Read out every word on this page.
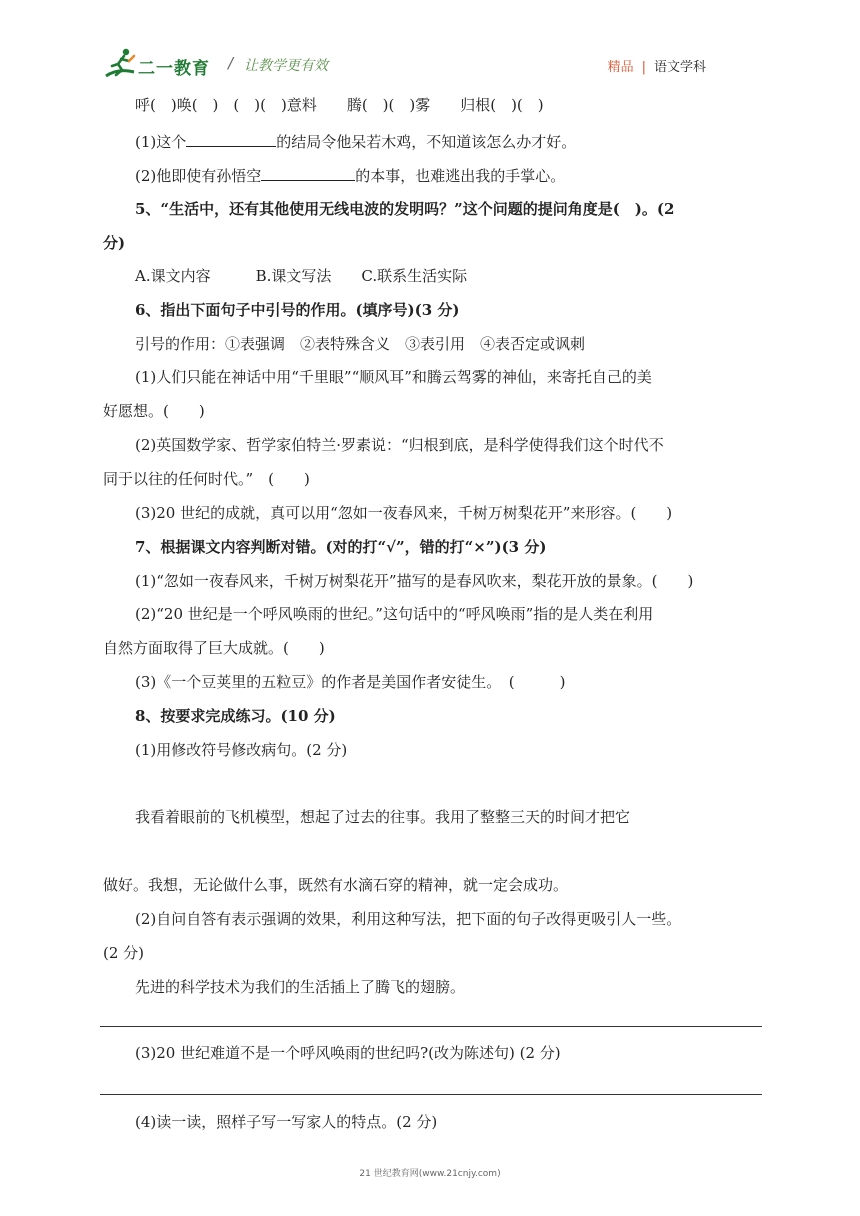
二一教育 / 让教学更有效	精品 | 语文学科
呼(　)唤(　)　(　)(　)意料　　腾(　)(　)雾　　归根(　)(　)
(1)这个	的结局令他呆若木鸡，不知道该怎么办才好。
(2)他即使有孙悟空	的本事，也难逃出我的手掌心。
5、“生活中，还有其他使用无线电波的发明吗？”这个问题的提问角度是(　)。(2
分)
A.课文内容　　　B.课文写法　　C.联系生活实际
6、指出下面句子中引号的作用。(填序号)(3 分)
引号的作用：①表强调　②表特殊含义　③表引用　④表否定或讽刺
(1)人们只能在神话中用“千里眼”“顺风耳”和腾云驾雾的神仙，来寄托自己的美
好愿想。(　　)
(2)英国数学家、哲学家伯特兰·罗素说：“归根到底，是科学使得我们这个时代不
同于以往的任何时代。”　(　　)
(3)20 世纪的成就，真可以用“忽如一夜春风来，千树万树梨花开”来形容。(　　)
7、根据课文内容判断对错。(对的打“√”，错的打“×”)(3 分)
(1)“忽如一夜春风来，千树万树梨花开”描写的是春风吹来，梨花开放的景象。(　　)
(2)“20 世纪是一个呼风唤雨的世纪。”这句话中的“呼风唤雨”指的是人类在利用
自然方面取得了巨大成就。(　　)
(3)《一个豆荚里的五粒豆》的作者是美国作者安徒生。　(　　　)
8、按要求完成练习。(10 分)
(1)用修改符号修改病句。(2 分)
我看着眼前的飞机模型，想起了过去的往事。我用了整整三天的时间才把它
做好。我想，无论做什么事，既然有水滴石穿的精神，就一定会成功。
(2)自问自答有表示强调的效果，利用这种写法，把下面的句子改得更吸引人一些。
(2 分)
先进的科学技术为我们的生活插上了腾飞的翅膀。
(3)20 世纪难道不是一个呼风唤雨的世纪吗?(改为陈述句) (2 分)
(4)读一读，照样子写一写家人的特点。(2 分)
21 世纪教育网(www.21cnjy.com)
